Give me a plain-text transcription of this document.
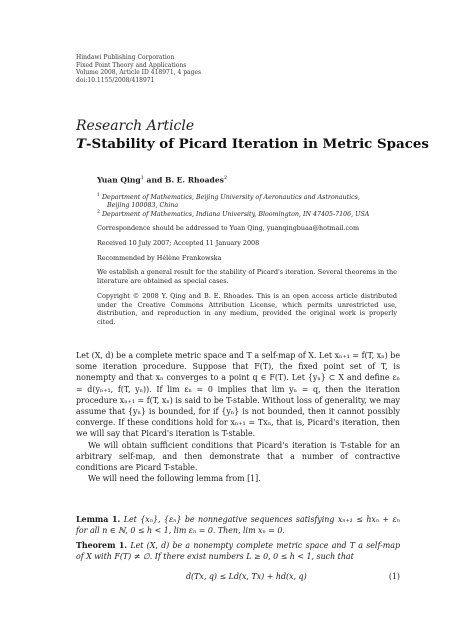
Hindawi Publishing Corporation
Fixed Point Theory and Applications
Volume 2008, Article ID 418971, 4 pages
doi:10.1155/2008/418971
Research Article
T-Stability of Picard Iteration in Metric Spaces
Yuan Qing$^1$ and B. E. Rhoades$^2$
$^1$ Department of Mathematics, Beijing University of Aeronautics and Astronautics,
Beijing 100083, China
$^2$ Department of Mathematics, Indiana University, Bloomington, IN 47405-7106, USA
Correspondence should be addressed to Yuan Qing, yuanqingbuaa@hotmail.com
Received 10 July 2007; Accepted 11 January 2008
Recommended by Hélène Frankowska
We establish a general result for the stability of Picard's iteration. Several theorems in the literature are obtained as special cases.
Copyright © 2008 Y. Qing and B. E. Rhoades. This is an open access article distributed under the Creative Commons Attribution License, which permits unrestricted use, distribution, and reproduction in any medium, provided the original work is properly cited.

Let (X, d) be a complete metric space and T a self-map of X. Let xₙ₊₁ = f(T, xₙ) be some iteration procedure. Suppose that F(T), the fixed point set of T, is nonempty and that xₙ converges to a point q ∈ F(T). Let {yₙ} ⊂ X and define εₙ = d(yₙ₊₁, f(T, yₙ)). If lim εₙ = 0 implies that lim yₙ = q, then the iteration procedure xₙ₊₁ = f(T, xₙ) is said to be T-stable. Without loss of generality, we may assume that {yₙ} is bounded, for if {yₙ} is not bounded, then it cannot possibly converge. If these conditions hold for xₙ₊₁ = Txₙ, that is, Picard's iteration, then we will say that Picard's iteration is T-stable.

We will obtain sufficient conditions that Picard's iteration is T-stable for an arbitrary self-map, and then demonstrate that a number of contractive conditions are Picard T-stable.

We will need the following lemma from [1].

Lemma 1. Let {xₙ}, {εₙ} be nonnegative sequences satisfying xₙ₊₁ ≤ hxₙ + εₙ for all n ∈ ℕ, 0 ≤ h < 1, lim εₙ = 0. Then, lim xₙ = 0.
Theorem 1. Let (X, d) be a nonempty complete metric space and T a self-map of X with F(T) ≠ ∅. If there exist numbers L ≥ 0, 0 ≤ h < 1, such that
d(Tx, q) ≤ Ld(x, Tx) + hd(x, q)	(1)
